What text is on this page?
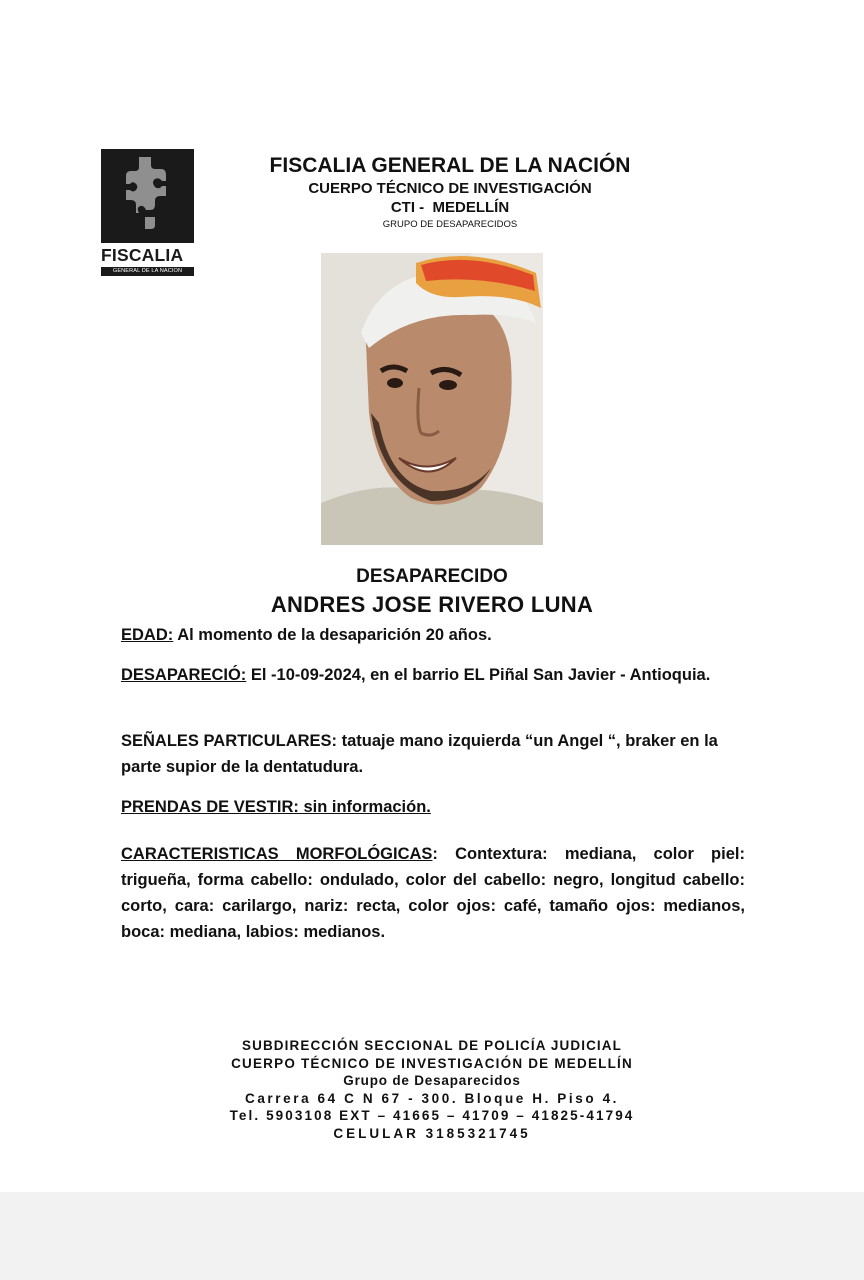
FISCALIA
GENERAL DE LA NACION
FISCALIA GENERAL DE LA NACIÓN
CUERPO TÉCNICO DE INVESTIGACIÓN
CTI -  MEDELLÍN
GRUPO DE DESAPARECIDOS
DESAPARECIDO
ANDRES JOSE RIVERO LUNA
EDAD: Al momento de la desaparición 20 años.
DESAPARECIÓ: El -10-09-2024, en el barrio EL Piñal San Javier - Antioquia.
SEÑALES PARTICULARES: tatuaje mano izquierda “un Angel “, braker en la parte supior de la dentatudura.
PRENDAS DE VESTIR: sin información.
CARACTERISTICAS MORFOLÓGICAS: Contextura: mediana, color piel: trigueña, forma cabello: ondulado, color del cabello: negro, longitud cabello: corto, cara: carilargo, nariz: recta, color ojos: café, tamaño ojos: medianos, boca: mediana, labios: medianos.
SUBDIRECCIÓN SECCIONAL DE POLICÍA JUDICIAL
CUERPO TÉCNICO DE INVESTIGACIÓN DE MEDELLÍN
Grupo de Desaparecidos
Carrera 64 C N 67 - 300. Bloque H. Piso 4.
Tel. 5903108 EXT – 41665 – 41709 – 41825-41794
CELULAR 3185321745
